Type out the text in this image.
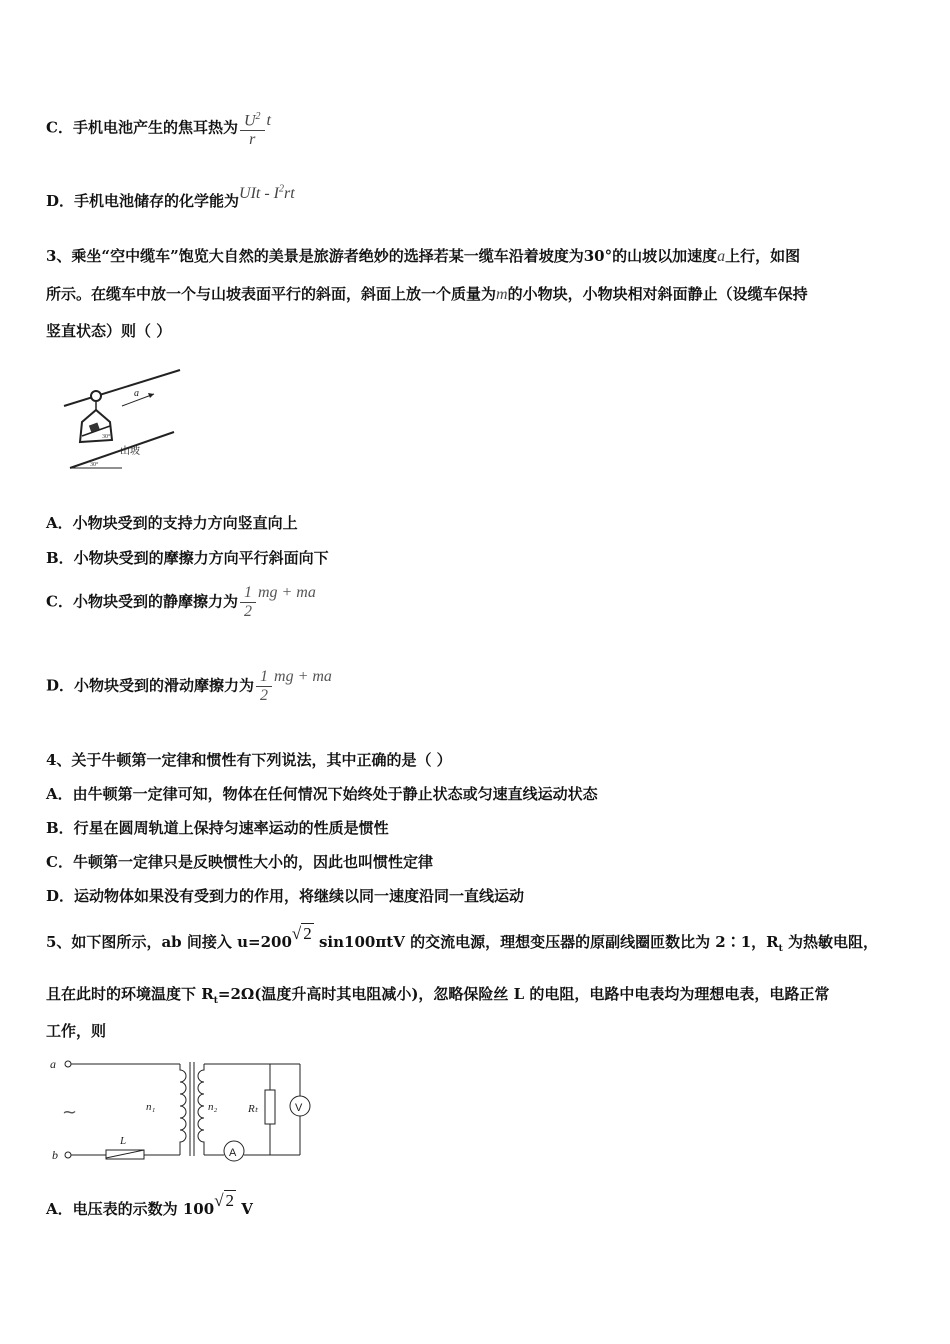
C．手机电池产生的焦耳热为 $\frac{U^2}{r}$ t
D．手机电池储存的化学能为UIt - $I^2rt$
3、乘坐“空中缆车”饱览大自然的美景是旅游者绝妙的选择若某一缆车沿着坡度为30°的山坡以加速度a上行，如图
所示。在缆车中放一个与山坡表面平行的斜面，斜面上放一个质量为m的小物块，小物块相对斜面静止（设缆车保持
竖直状态）则（ ）
30°
a
30°
山坡
A．小物块受到的支持力方向竖直向上
B．小物块受到的摩擦力方向平行斜面向下
C．小物块受到的静摩擦力为 $\frac{1}{2}$ mg + ma
D．小物块受到的滑动摩擦力为 $\frac{1}{2}$ mg + ma
4、关于牛顿第一定律和惯性有下列说法，其中正确的是（ ）
A．由牛顿第一定律可知，物体在任何情况下始终处于静止状态或匀速直线运动状态
B．行星在圆周轨道上保持匀速率运动的性质是惯性
C．牛顿第一定律只是反映惯性大小的，因此也叫惯性定律
D．运动物体如果没有受到力的作用，将继续以同一速度沿同一直线运动
5、如下图所示，ab 间接入 u=200√ 2 sin100πtV 的交流电源，理想变压器的原副线圈匝数比为 2∶1，$R_t$ 为热敏电阻，
且在此时的环境温度下 $R_t=2\Omega$(温度升高时其电阻减小)，忽略保险丝 L 的电阻，电路中电表均为理想电表，电路正常
工作，则
a
b
n₁	n₂
L
Rₜ
~
A
V
A．电压表的示数为 100√ 2 V
